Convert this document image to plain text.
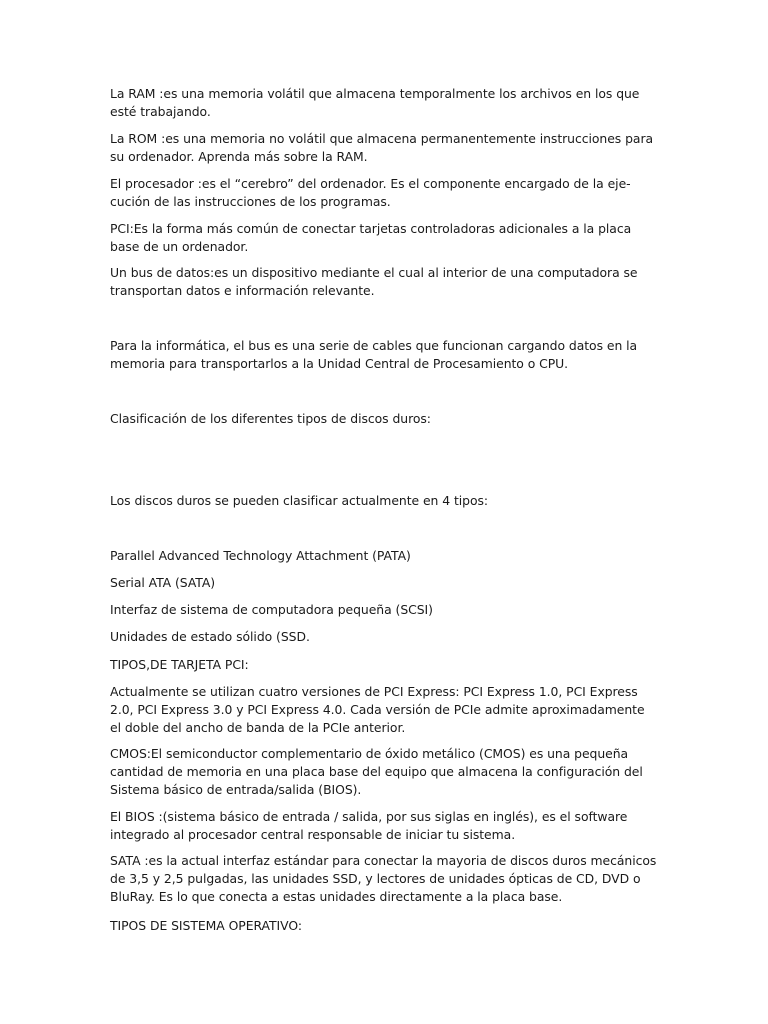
La RAM :es una memoria volátil que almacena temporalmente los archivos en los que esté trabajando.

La ROM :es una memoria no volátil que almacena permanentemente instrucciones para su ordenador. Aprenda más sobre la RAM.

El procesador :es el “cerebro” del ordenador. Es el componente encargado de la eje- cución de las instrucciones de los programas.

PCI:Es la forma más común de conectar tarjetas controladoras adicionales a la placa base de un ordenador.

Un bus de datos:es un dispositivo mediante el cual al interior de una computadora se transportan datos e información relevante.

Para la informática, el bus es una serie de cables que funcionan cargando datos en la memoria para transportarlos a la Unidad Central de Procesamiento o CPU.

Clasificación de los diferentes tipos de discos duros:

Los discos duros se pueden clasificar actualmente en 4 tipos:

Parallel Advanced Technology Attachment (PATA)

Serial ATA (SATA)

Interfaz de sistema de computadora pequeña (SCSI)

Unidades de estado sólido (SSD.

TIPOS,DE TARJETA PCI:

Actualmente se utilizan cuatro versiones de PCI Express: PCI Express 1.0, PCI Express 2.0, PCI Express 3.0 y PCI Express 4.0. Cada versión de PCIe admite aproximadamente el doble del ancho de banda de la PCIe anterior.

CMOS:El semiconductor complementario de óxido metálico (CMOS) es una pequeña cantidad de memoria en una placa base del equipo que almacena la configuración del Sistema básico de entrada/salida (BIOS).

El BIOS :(sistema básico de entrada / salida, por sus siglas en inglés), es el software integrado al procesador central responsable de iniciar tu sistema.

SATA :es la actual interfaz estándar para conectar la mayoria de discos duros mecánicos de 3,5 y 2,5 pulgadas, las unidades SSD, y lectores de unidades ópticas de CD, DVD o BluRay. Es lo que conecta a estas unidades directamente a la placa base.

TIPOS DE SISTEMA OPERATIVO:
